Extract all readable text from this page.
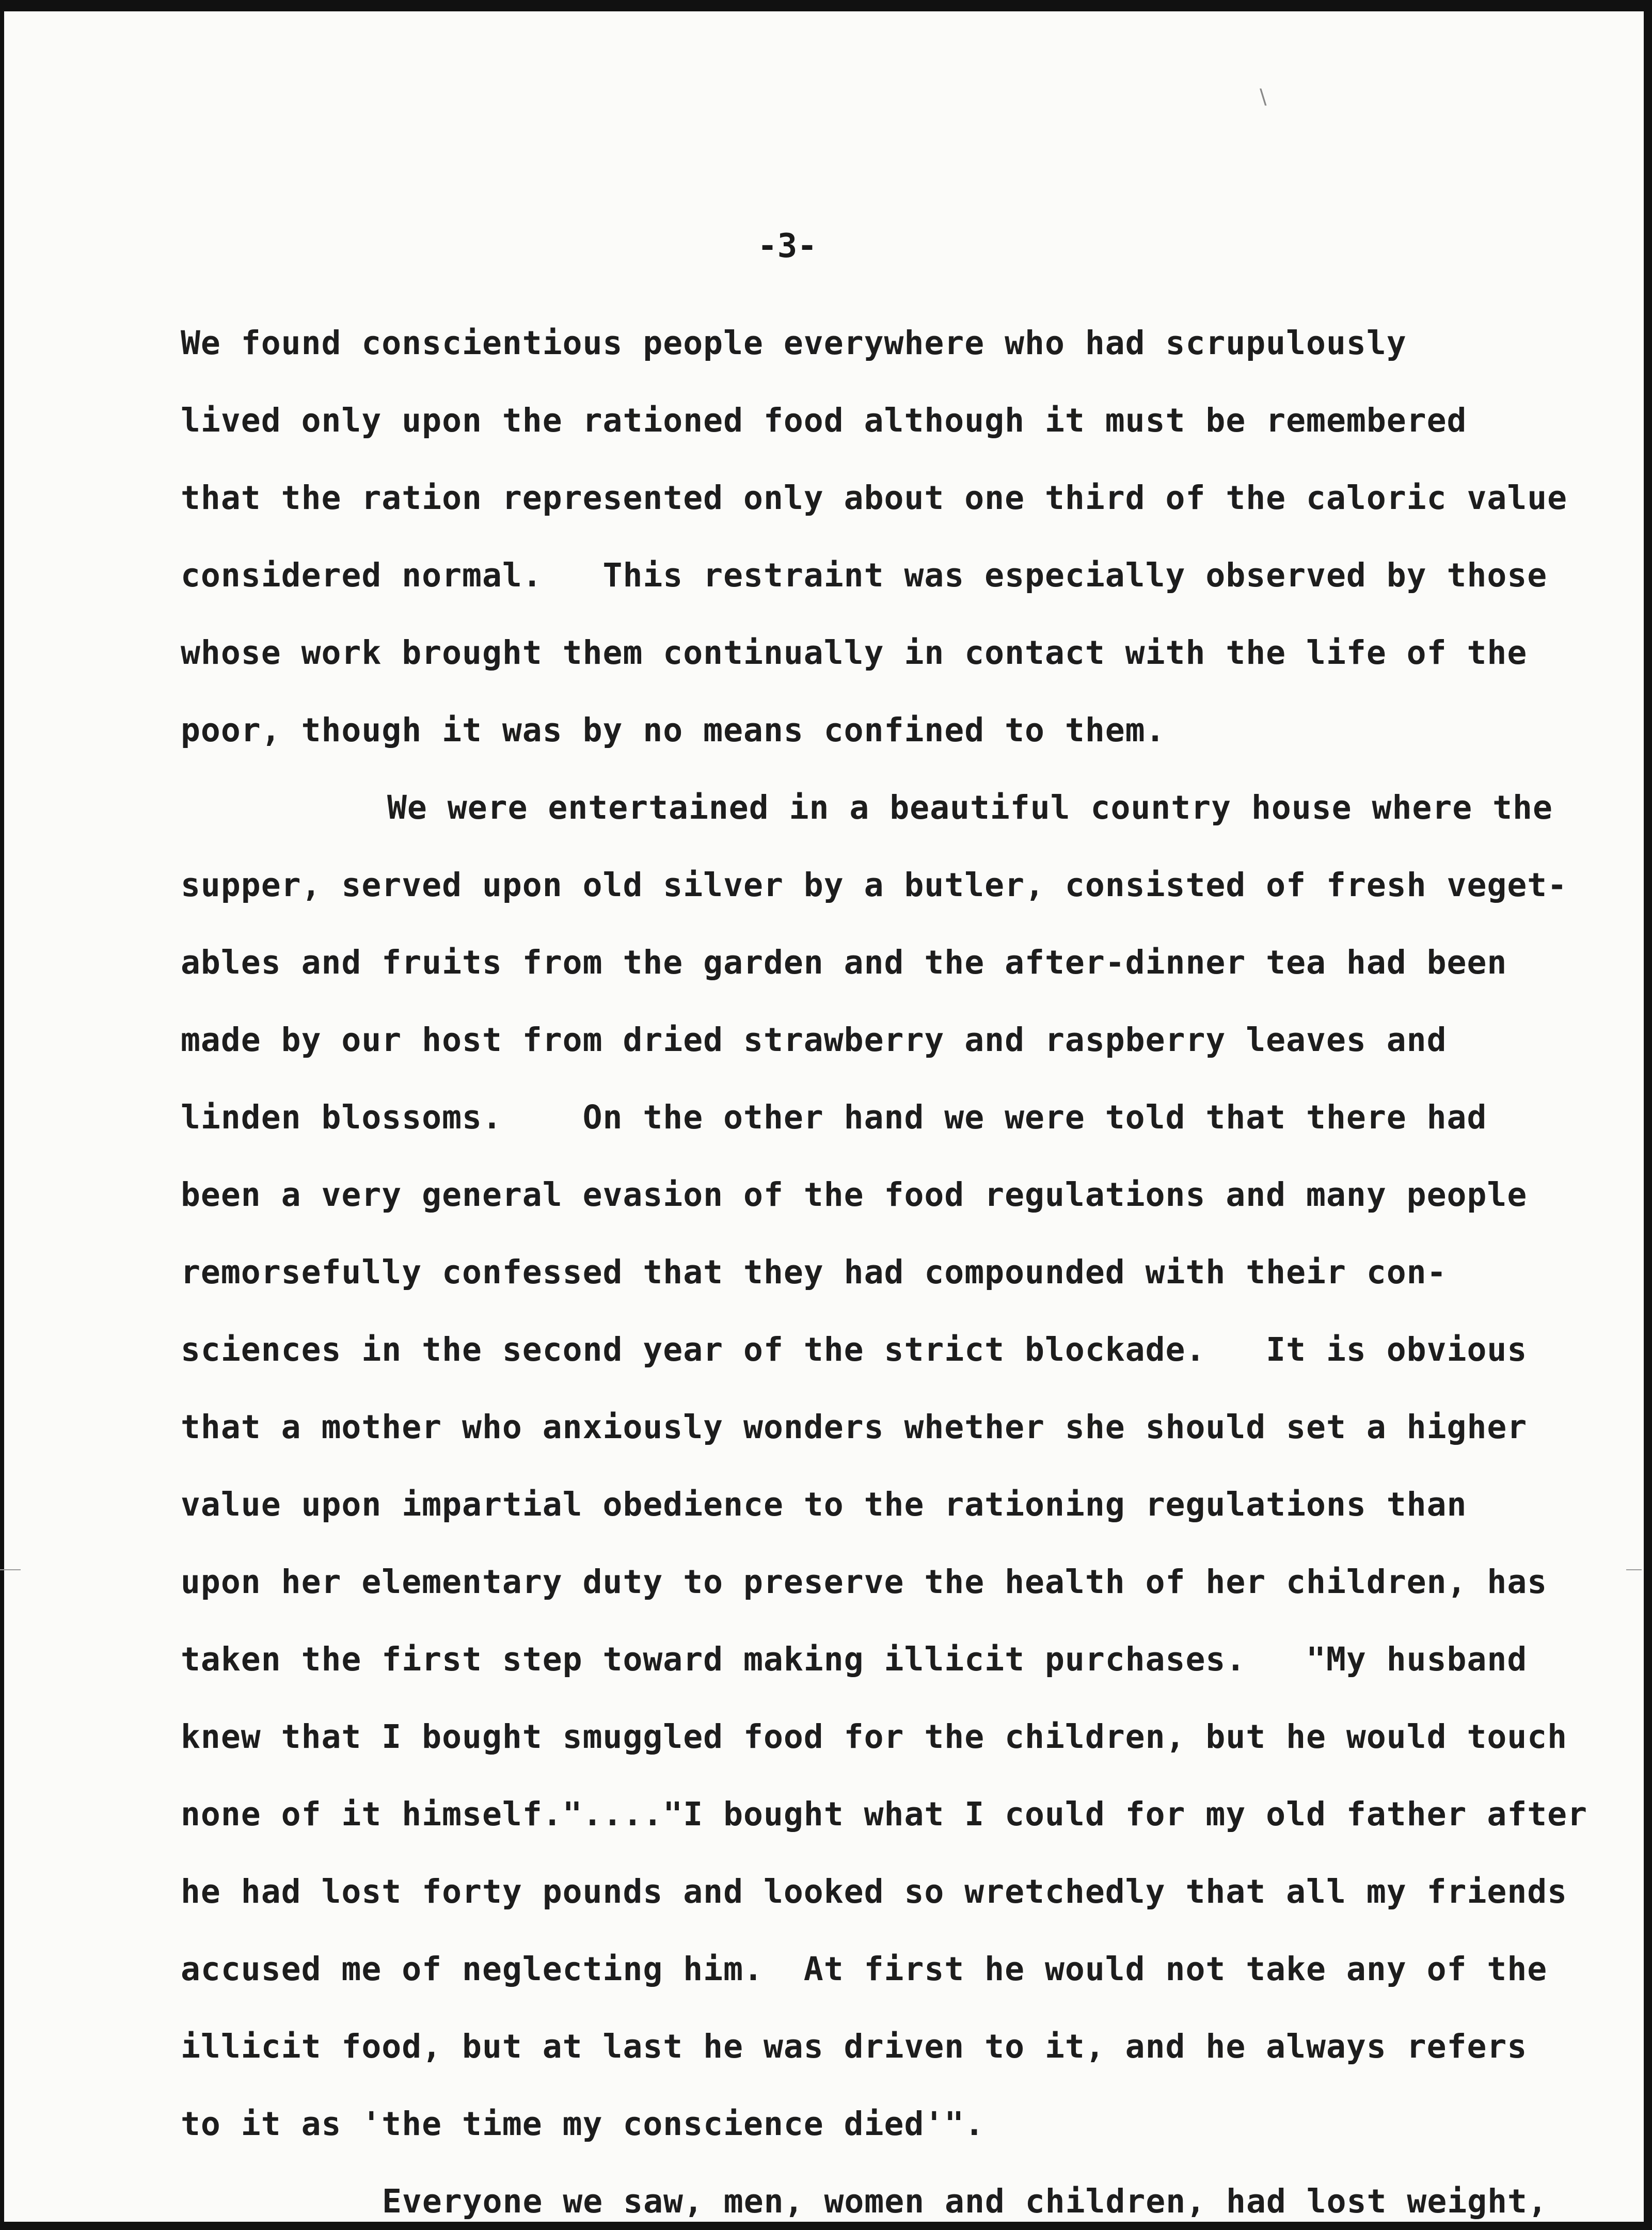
\
-3-
We found conscientious people everywhere who had scrupulously
lived only upon the rationed food although it must be remembered
that the ration represented only about one third of the caloric value
considered normal.   This restraint was especially observed by those
whose work brought them continually in contact with the life of the
poor, though it was by no means confined to them.
We were entertained in a beautiful country house where the
supper, served upon old silver by a butler, consisted of fresh veget-
ables and fruits from the garden and the after-dinner tea had been
made by our host from dried strawberry and raspberry leaves and
linden blossoms.    On the other hand we were told that there had
been a very general evasion of the food regulations and many people
remorsefully confessed that they had compounded with their con-
sciences in the second year of the strict blockade.   It is obvious
that a mother who anxiously wonders whether she should set a higher
value upon impartial obedience to the rationing regulations than
upon her elementary duty to preserve the health of her children, has
taken the first step toward making illicit purchases.   "My husband
knew that I bought smuggled food for the children, but he would touch
none of it himself."...."I bought what I could for my old father after
he had lost forty pounds and looked so wretchedly that all my friends
accused me of neglecting him.  At first he would not take any of the
illicit food, but at last he was driven to it, and he always refers
to it as 'the time my conscience died'".
Everyone we saw, men, women and children, had lost weight,
